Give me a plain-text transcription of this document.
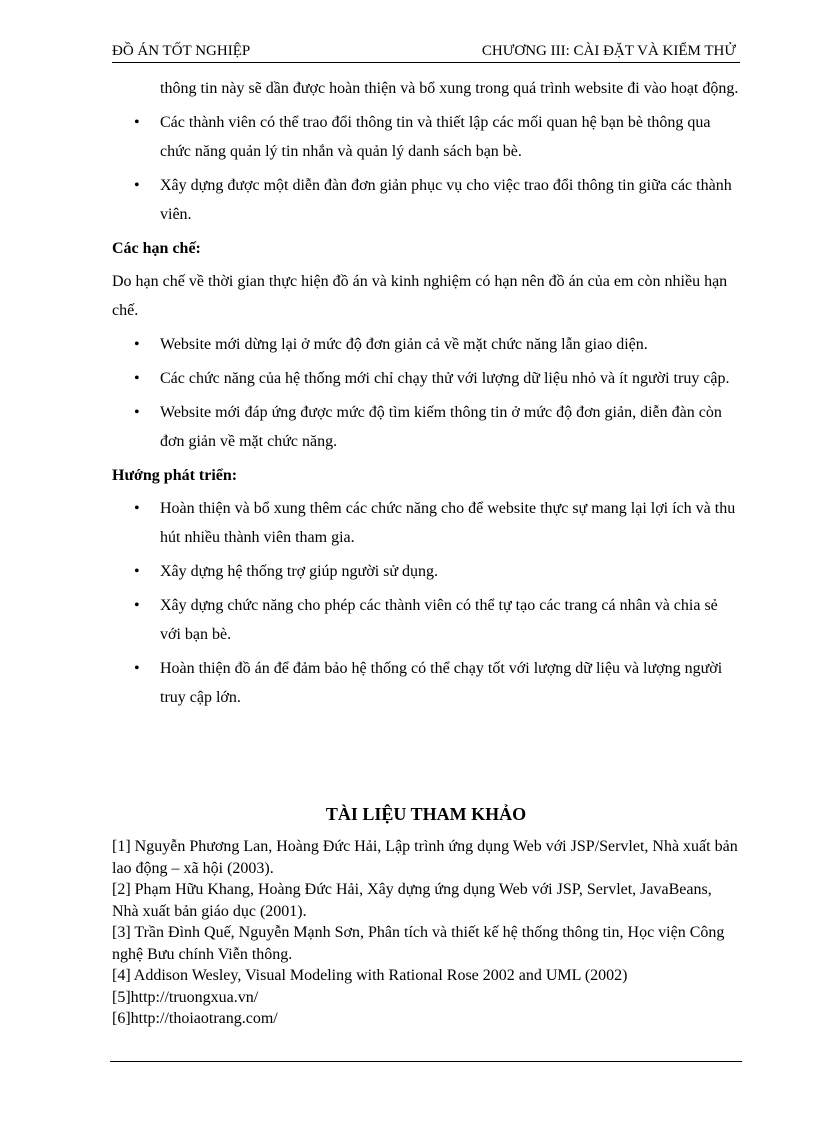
ĐỒ ÁN TỐT NGHIỆP	CHƯƠNG III: CÀI ĐẶT VÀ KIỂM THỬ

thông tin này sẽ dần được hoàn thiện và bổ xung trong quá trình website đi vào hoạt động.

• Các thành viên có thể trao đổi thông tin và thiết lập các mối quan hệ bạn bè thông qua chức năng quản lý tin nhắn và quản lý danh sách bạn bè.
• Xây dựng được một diễn đàn đơn giản phục vụ cho việc trao đổi thông tin giữa các thành viên.

Các hạn chế:

Do hạn chế về thời gian thực hiện đồ án và kinh nghiệm có hạn nên đồ án của em còn nhiều hạn chế.

• Website mới dừng lại ở mức độ đơn giản cả về mặt chức năng lẫn giao diện.
• Các chức năng của hệ thống mới chỉ chạy thử với lượng dữ liệu nhỏ và ít người truy cập.
• Website mới đáp ứng được mức độ tìm kiếm thông tin ở mức độ đơn giản, diễn đàn còn đơn giản về mặt chức năng.

Hướng phát triển:

• Hoàn thiện và bổ xung thêm các chức năng cho để website thực sự mang lại lợi ích và thu hút nhiều thành viên tham gia.
• Xây dựng hệ thống trợ giúp người sử dụng.
• Xây dựng chức năng cho phép các thành viên có thể tự tạo các trang cá nhân và chia sẻ với bạn bè.
• Hoàn thiện đồ án để đảm bảo hệ thống có thể chạy tốt với lượng dữ liệu và lượng người truy cập lớn.
TÀI LIỆU THAM KHẢO
[1] Nguyễn Phương Lan, Hoàng Đức Hải, Lập trình ứng dụng Web với JSP/Servlet, Nhà xuất bản lao động – xã hội (2003).
[2] Phạm Hữu Khang, Hoàng Đức Hải, Xây dựng ứng dụng Web với JSP, Servlet, JavaBeans, Nhà xuất bản giáo dục (2001).
[3] Trần Đình Quế, Nguyễn Mạnh Sơn, Phân tích và thiết kế hệ thống thông tin, Học viện Công nghệ Bưu chính Viễn thông.
[4] Addison Wesley, Visual Modeling with Rational Rose 2002 and UML (2002)
[5]http://truongxua.vn/
[6]http://thoiaotrang.com/
